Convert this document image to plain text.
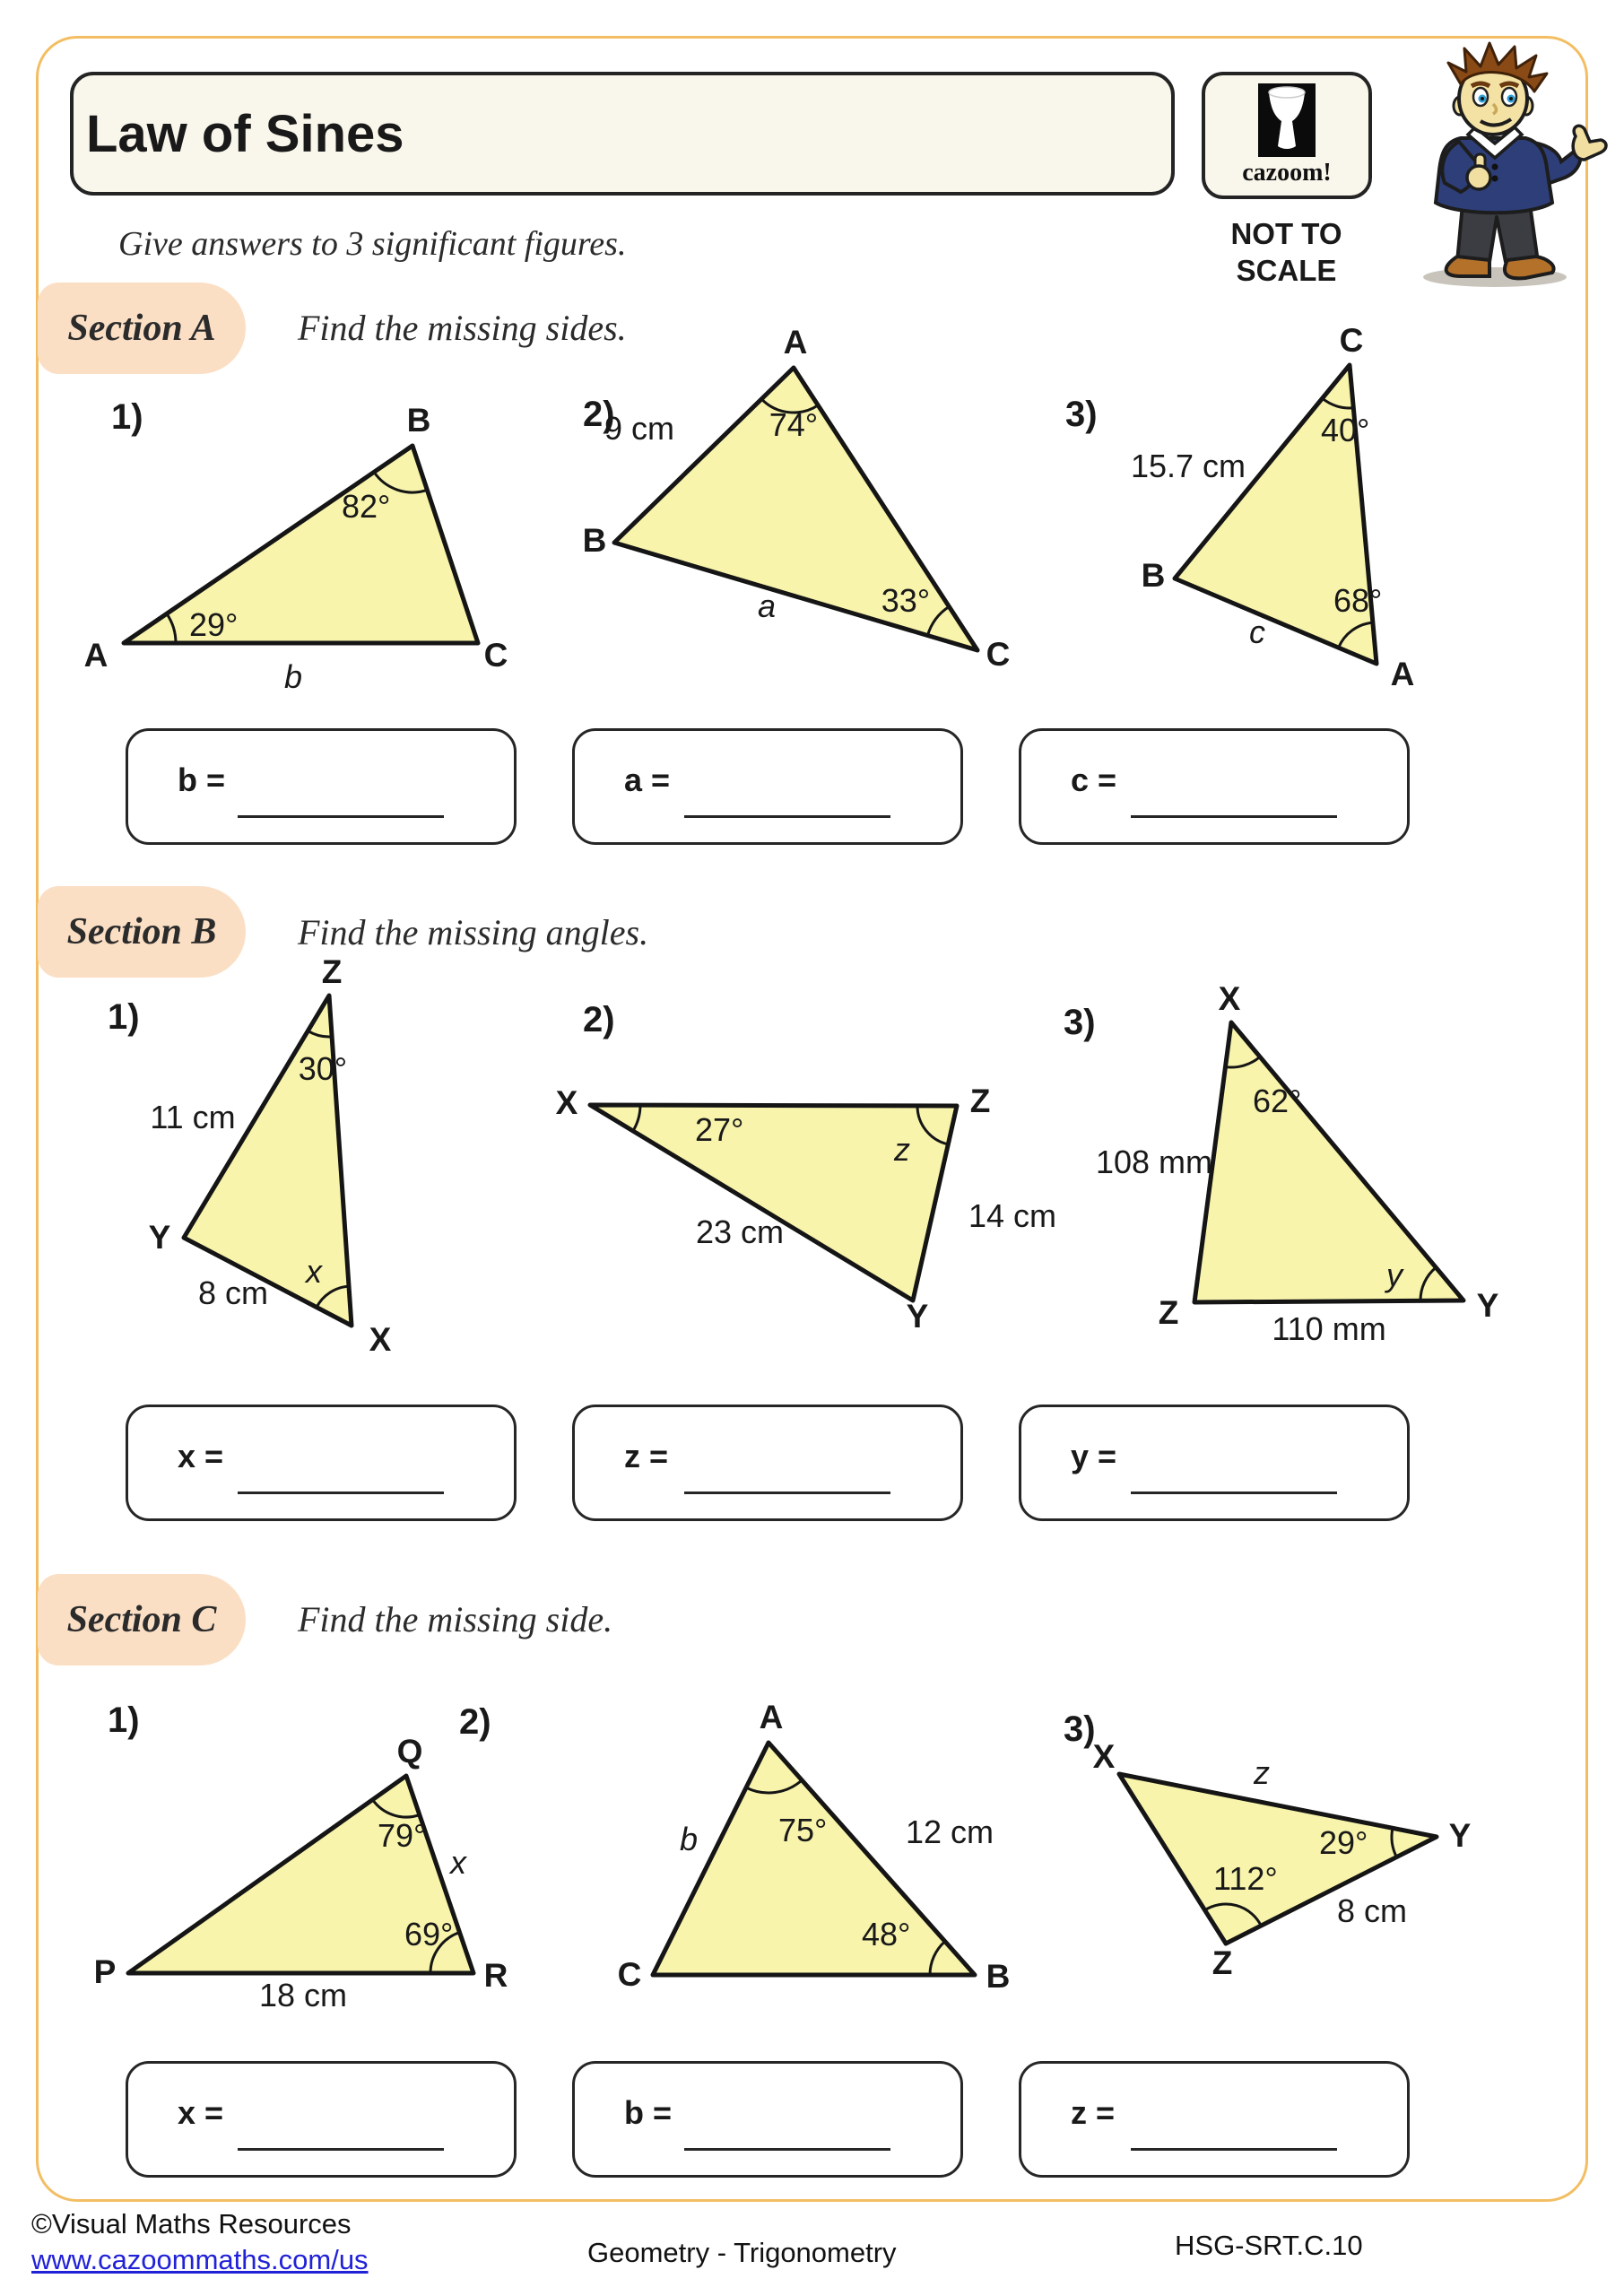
Law of Sines
cazoom!
NOT TO
SCALE
Give answers to 3 significant figures.
Section A Find the missing sides.
1)	2)	3)
A
B
C
29°
82°
b
A
B
C
74°
33°
9 cm
a
C
B
A
40°
68°
15.7 cm
c
b =	a =	c =
Section B Find the missing angles.
1)	2)	3)
Z
Y
X
30°
11 cm
8 cm
x
X	Z
Y
27°
z
23 cm	14 cm
X
Z	Y
62°
108 mm
110 mm
y
x =	z =	y =
Section C Find the missing side.
1)	2)	3)
Q
P	R
79°
69°
18 cm
x
A
C	B
75°
48°
12 cm
b
X
Y
Z
29°
112°
8 cm
z
x =	b =	z =
©Visual Maths Resources
www.cazoommaths.com/us	Geometry - Trigonometry	HSG-SRT.C.10
